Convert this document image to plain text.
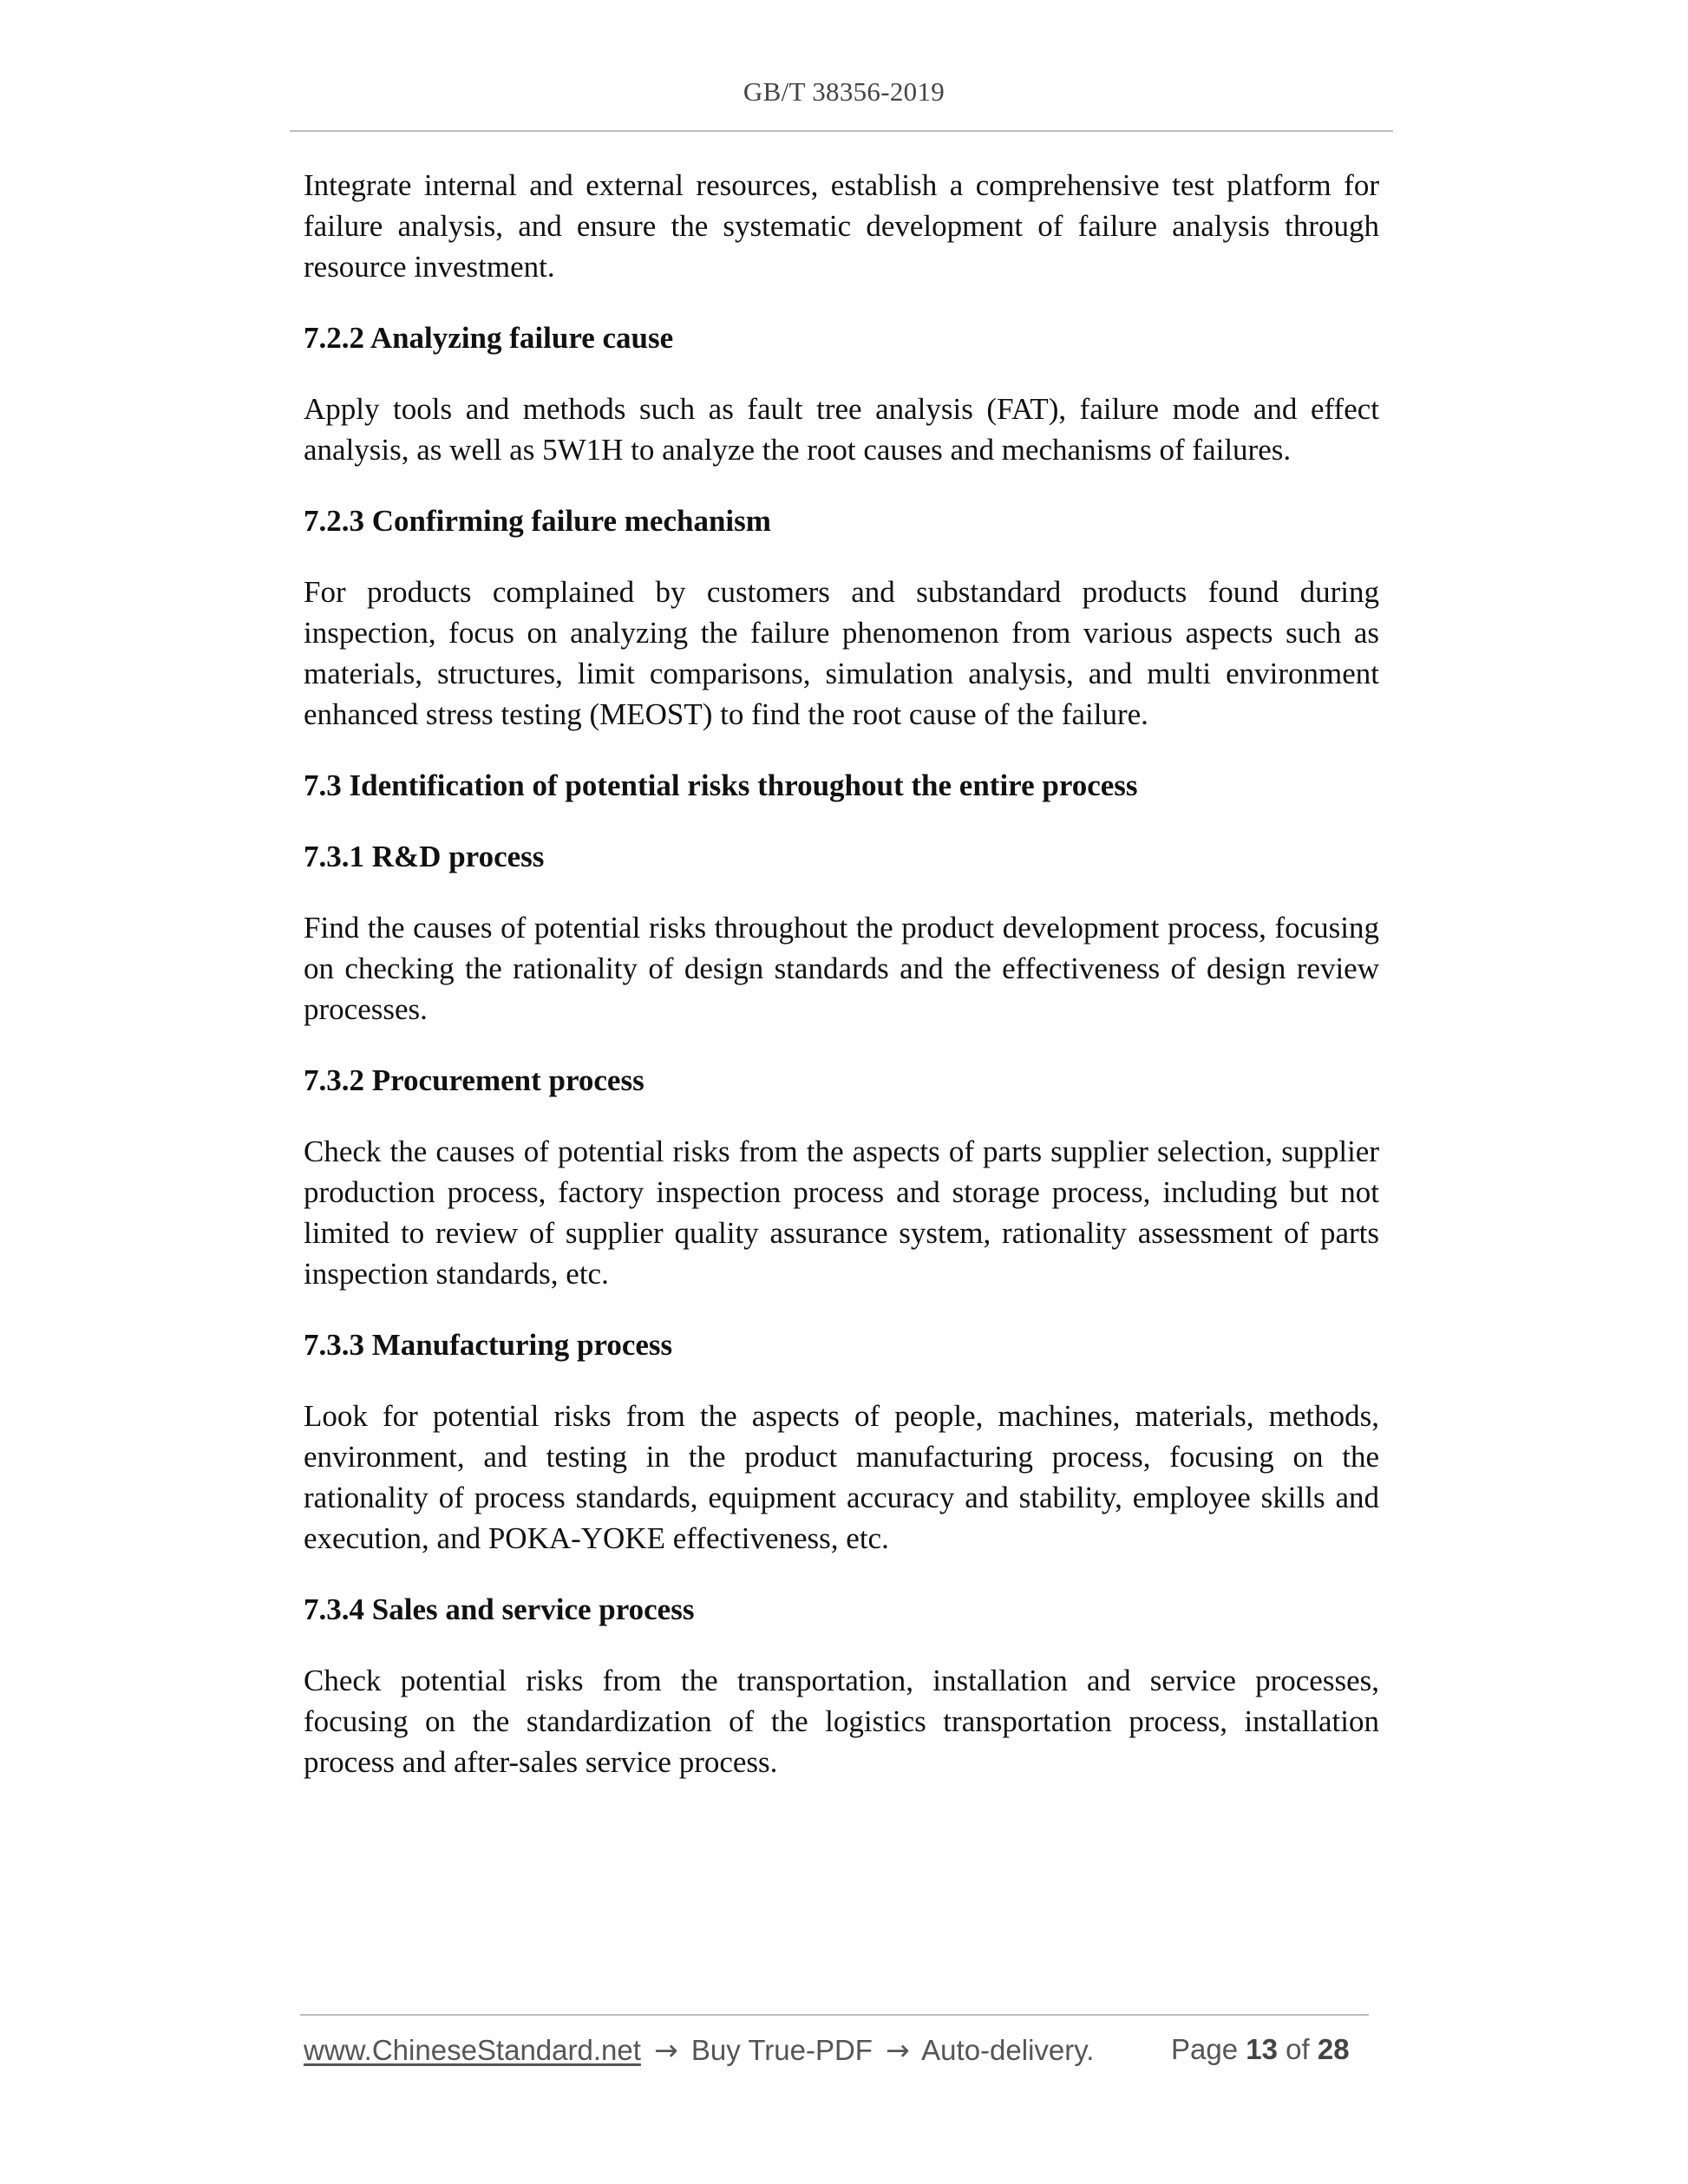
GB/T 38356-2019

Integrate internal and external resources, establish a comprehensive test platform for failure analysis, and ensure the systematic development of failure analysis through resource investment.

7.2.2 Analyzing failure cause

Apply tools and methods such as fault tree analysis (FAT), failure mode and effect analysis, as well as 5W1H to analyze the root causes and mechanisms of failures.

7.2.3 Confirming failure mechanism

For products complained by customers and substandard products found during inspection, focus on analyzing the failure phenomenon from various aspects such as materials, structures, limit comparisons, simulation analysis, and multi environment enhanced stress testing (MEOST) to find the root cause of the failure.

7.3 Identification of potential risks throughout the entire process
7.3.1 R&D process

Find the causes of potential risks throughout the product development process, focusing on checking the rationality of design standards and the effectiveness of design review processes.

7.3.2 Procurement process

Check the causes of potential risks from the aspects of parts supplier selection, supplier production process, factory inspection process and storage process, including but not limited to review of supplier quality assurance system, rationality assessment of parts inspection standards, etc.

7.3.3 Manufacturing process

Look for potential risks from the aspects of people, machines, materials, methods, environment, and testing in the product manufacturing process, focusing on the rationality of process standards, equipment accuracy and stability, employee skills and execution, and POKA-YOKE effectiveness, etc.

7.3.4 Sales and service process

Check potential risks from the transportation, installation and service processes, focusing on the standardization of the logistics transportation process, installation process and after-sales service process.

www.ChineseStandard.net → Buy True-PDF → Auto-delivery.	Page 13 of 28
